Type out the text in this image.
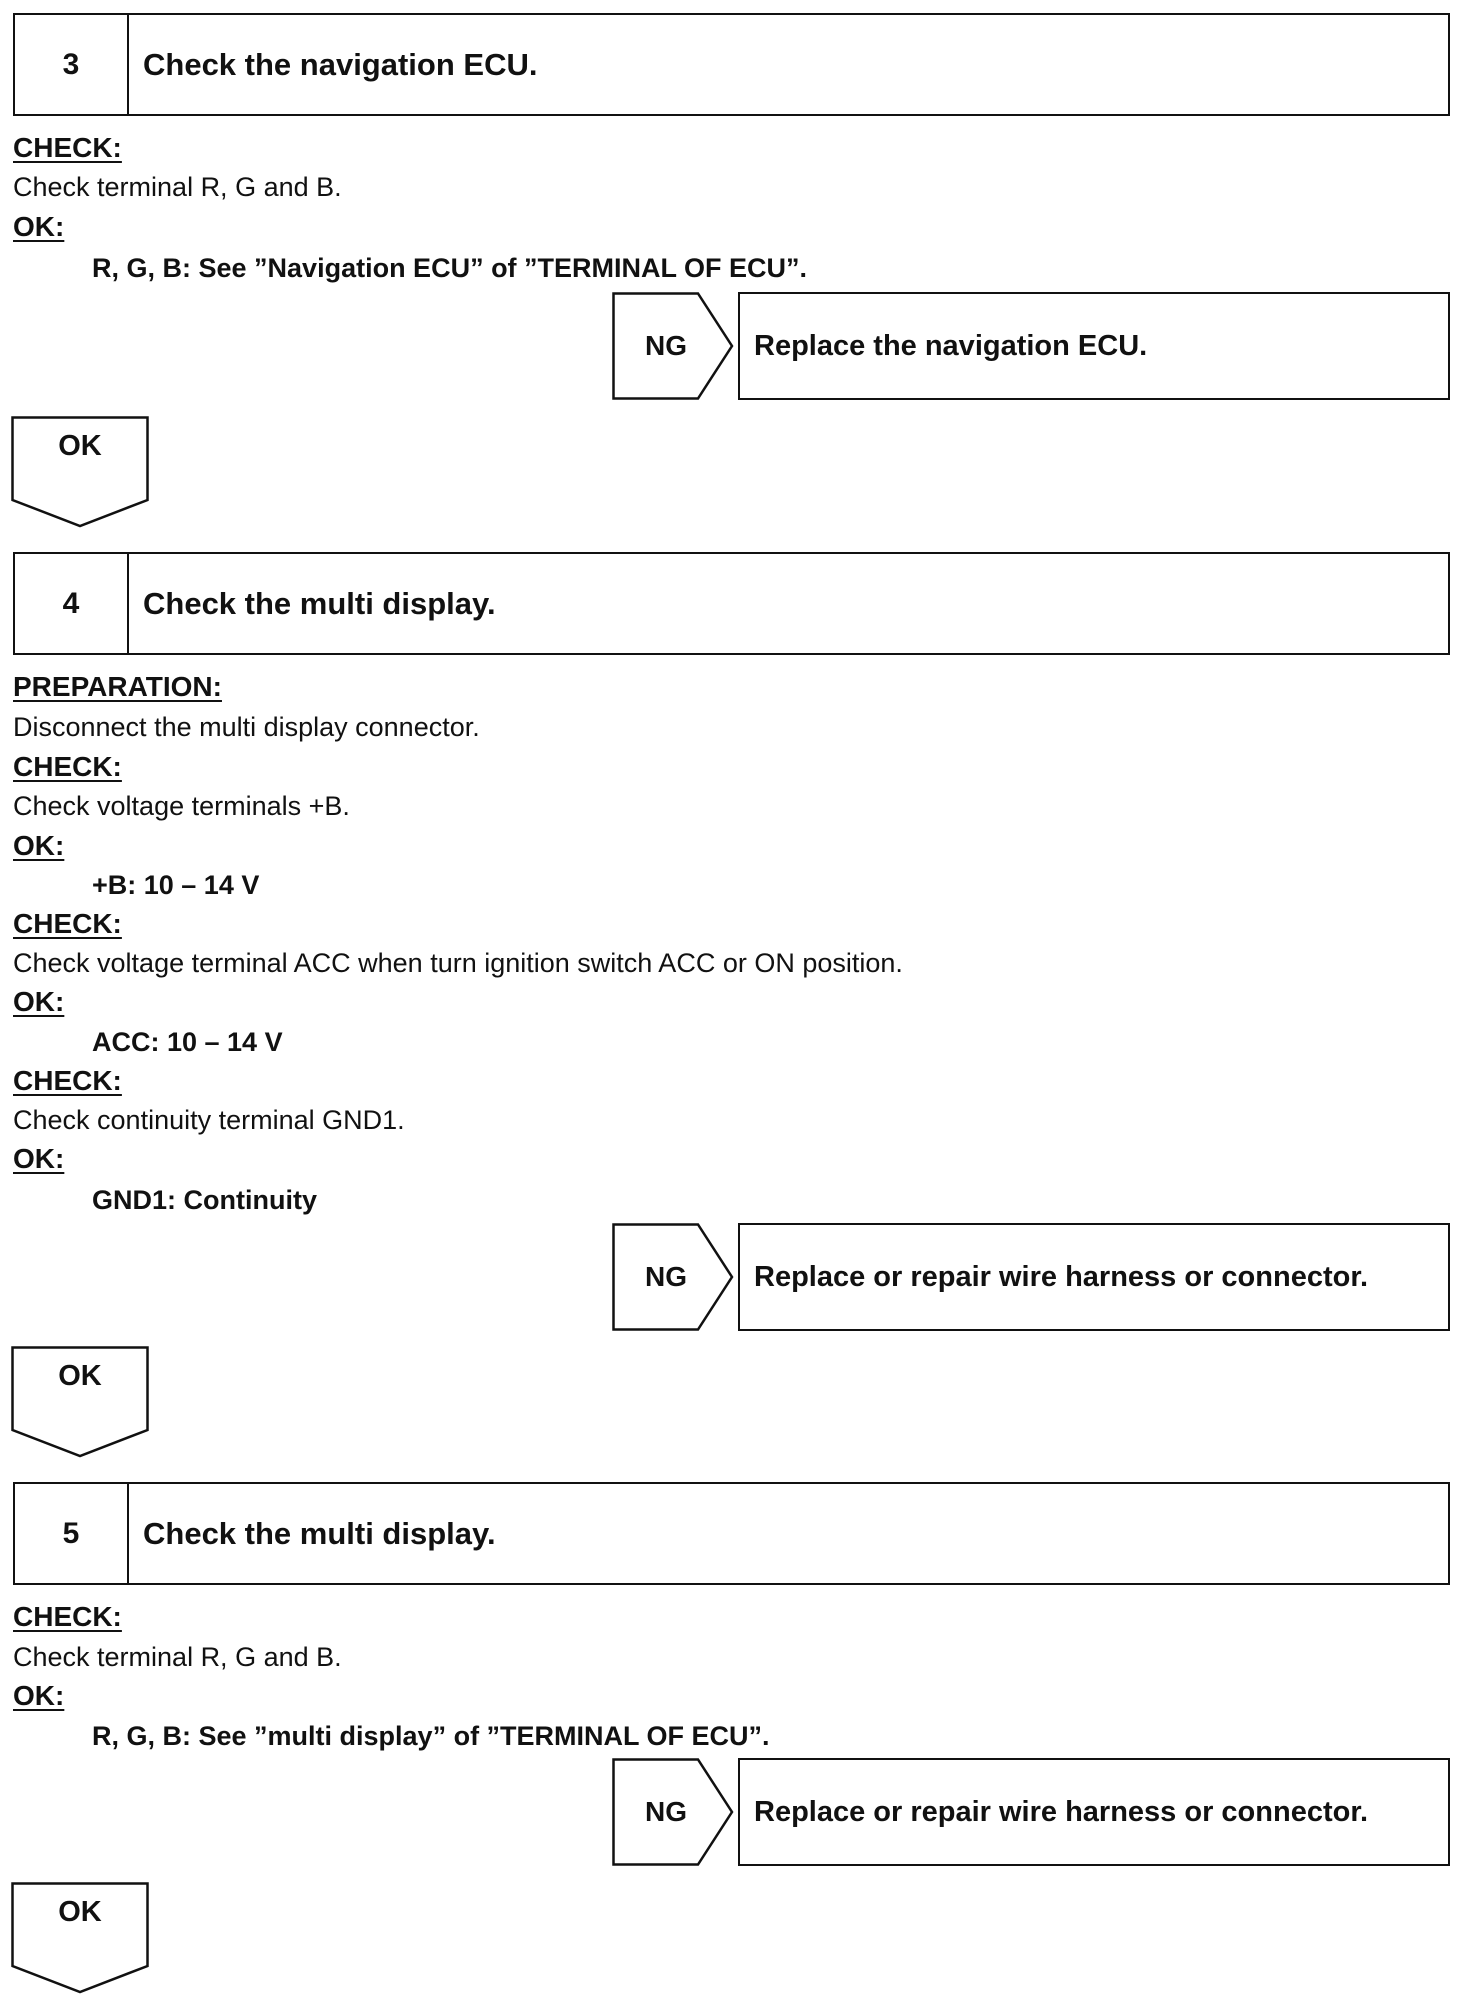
3	Check the navigation ECU.
CHECK:
Check terminal R, G and B.
OK:
R, G, B: See ”Navigation ECU” of ”TERMINAL OF ECU”.
NG	Replace the navigation ECU.
OK
4	Check the multi display.
PREPARATION:
Disconnect the multi display connector.
CHECK:
Check voltage terminals +B.
OK:
+B: 10 – 14 V
CHECK:
Check voltage terminal ACC when turn ignition switch ACC or ON position.
OK:
ACC: 10 – 14 V
CHECK:
Check continuity terminal GND1.
OK:
GND1: Continuity
NG	Replace or repair wire harness or connector.
OK
5	Check the multi display.
CHECK:
Check terminal R, G and B.
OK:
R, G, B: See ”multi display” of ”TERMINAL OF ECU”.
NG	Replace or repair wire harness or connector.
OK
